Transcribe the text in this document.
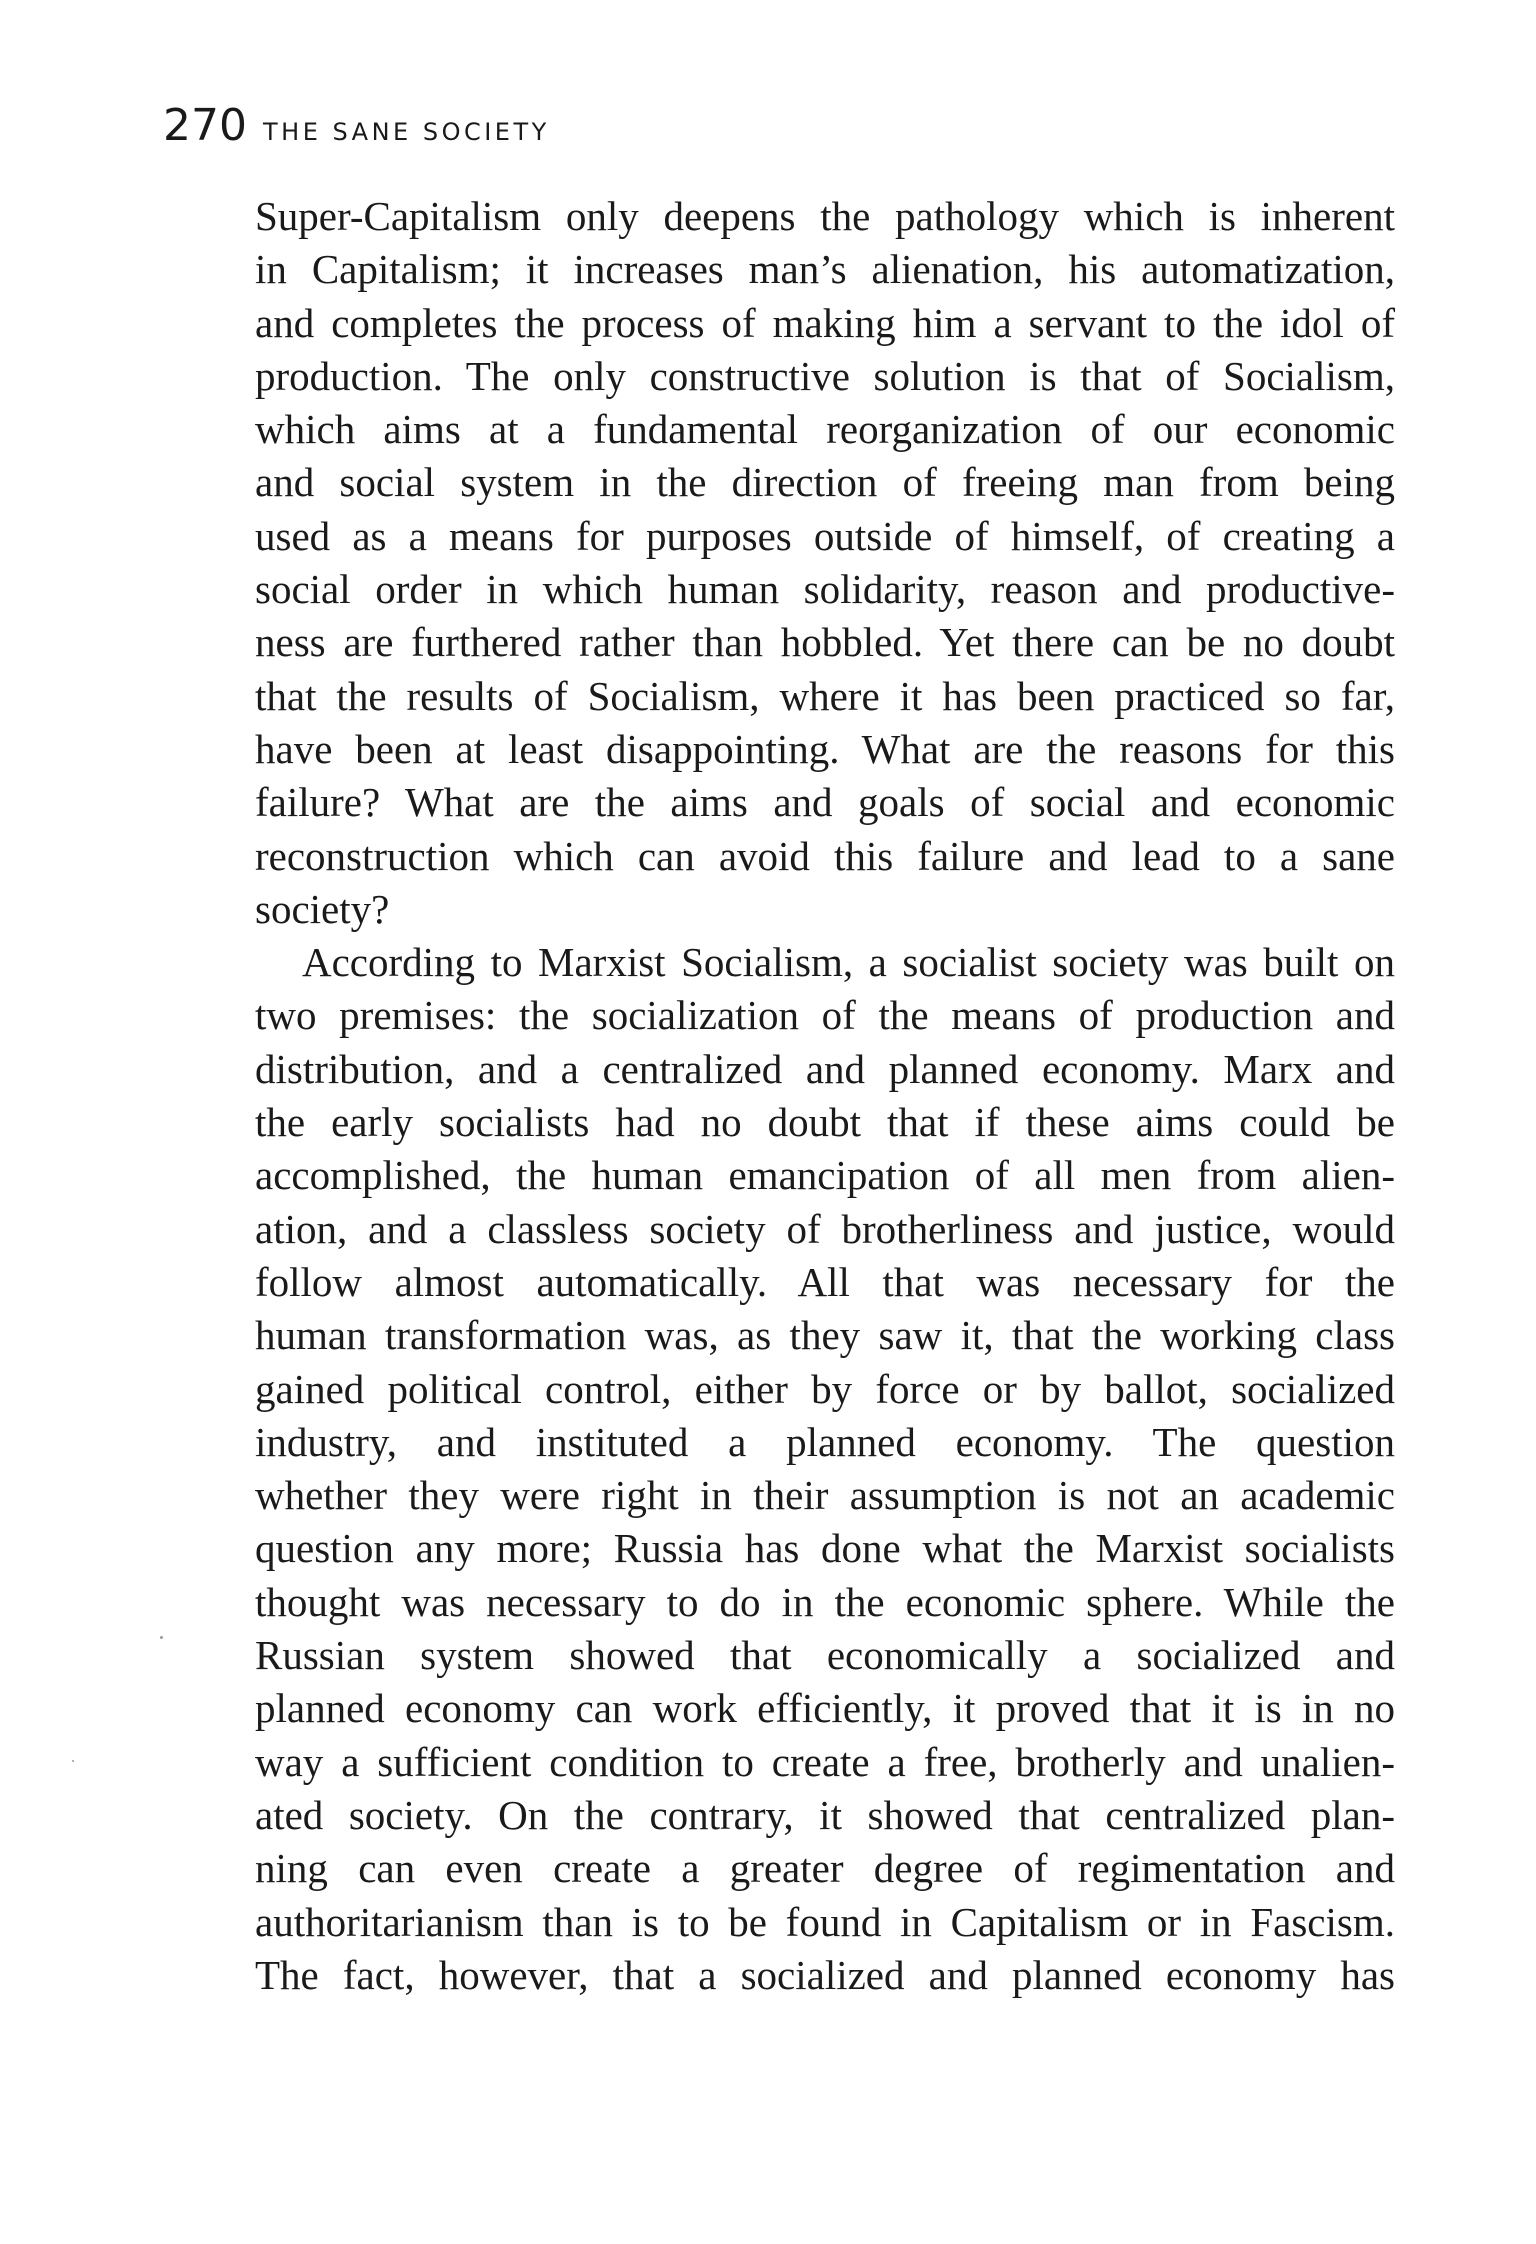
270 THE SANE SOCIETY
Super-Capitalism only deepens the pathology which is inherent
in Capitalism; it increases man’s alienation, his automatization,
and completes the process of making him a servant to the idol of
production. The only constructive solution is that of Socialism,
which aims at a fundamental reorganization of our economic
and social system in the direction of freeing man from being
used as a means for purposes outside of himself, of creating a
social order in which human solidarity, reason and productive-
ness are furthered rather than hobbled. Yet there can be no doubt
that the results of Socialism, where it has been practiced so far,
have been at least disappointing. What are the reasons for this
failure? What are the aims and goals of social and economic
reconstruction which can avoid this failure and lead to a sane
society?
According to Marxist Socialism, a socialist society was built on
two premises: the socialization of the means of production and
distribution, and a centralized and planned economy. Marx and
the early socialists had no doubt that if these aims could be
accomplished, the human emancipation of all men from alien-
ation, and a classless society of brotherliness and justice, would
follow almost automatically. All that was necessary for the
human transformation was, as they saw it, that the working class
gained political control, either by force or by ballot, socialized
industry, and instituted a planned economy. The question
whether they were right in their assumption is not an academic
question any more; Russia has done what the Marxist socialists
thought was necessary to do in the economic sphere. While the
Russian system showed that economically a socialized and
planned economy can work efficiently, it proved that it is in no
way a sufficient condition to create a free, brotherly and unalien-
ated society. On the contrary, it showed that centralized plan-
ning can even create a greater degree of regimentation and
authoritarianism than is to be found in Capitalism or in Fascism.
The fact, however, that a socialized and planned economy has
